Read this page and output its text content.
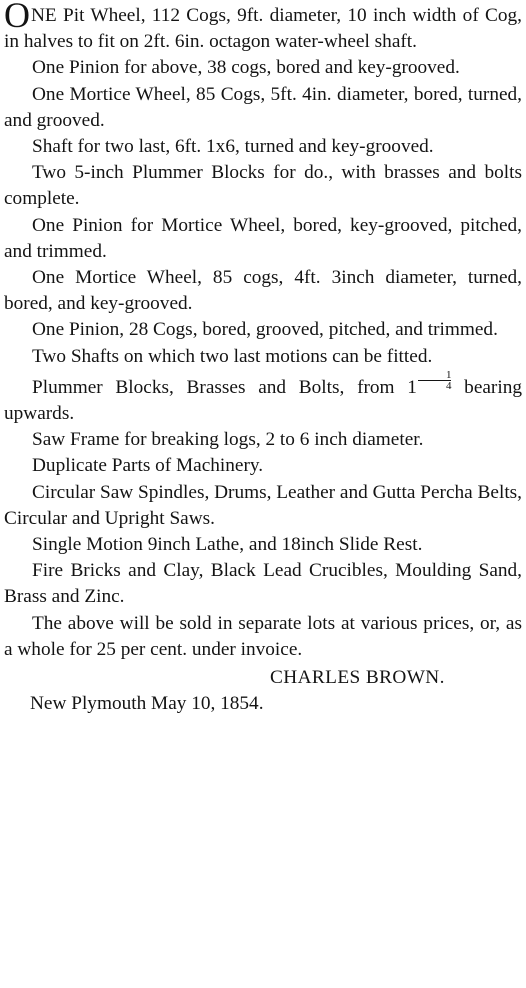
ONE Pit Wheel, 112 Cogs, 9ft. diameter, 10 inch width of Cog, in halves to fit on 2ft. 6in. octagon water-wheel shaft.

One Pinion for above, 38 cogs, bored and key-grooved.

One Mortice Wheel, 85 Cogs, 5ft. 4in. diameter, bored, turned, and grooved.

Shaft for two last, 6ft. 1x6, turned and key-grooved.

Two 5-inch Plummer Blocks for do., with brasses and bolts complete.

One Pinion for Mortice Wheel, bored, key-grooved, pitched, and trimmed.

One Mortice Wheel, 85 cogs, 4ft. 3inch diameter, turned, bored, and key-grooved.

One Pinion, 28 Cogs, bored, grooved, pitched, and trimmed.

Two Shafts on which two last motions can be fitted.

Plummer Blocks, Brasses and Bolts, from $1 \frac{1}{4}$ bearing upwards.

Saw Frame for breaking logs, 2 to 6 inch diameter.

Duplicate Parts of Machinery.

Circular Saw Spindles, Drums, Leather and Gutta Percha Belts, Circular and Upright Saws.

Single Motion 9inch Lathe, and 18inch Slide Rest.

Fire Bricks and Clay, Black Lead Crucibles, Moulding Sand, Brass and Zinc.

The above will be sold in separate lots at various prices, or, as a whole for 25 per cent. under invoice.

CHARLES BROWN.

New Plymouth May 10, 1854.
